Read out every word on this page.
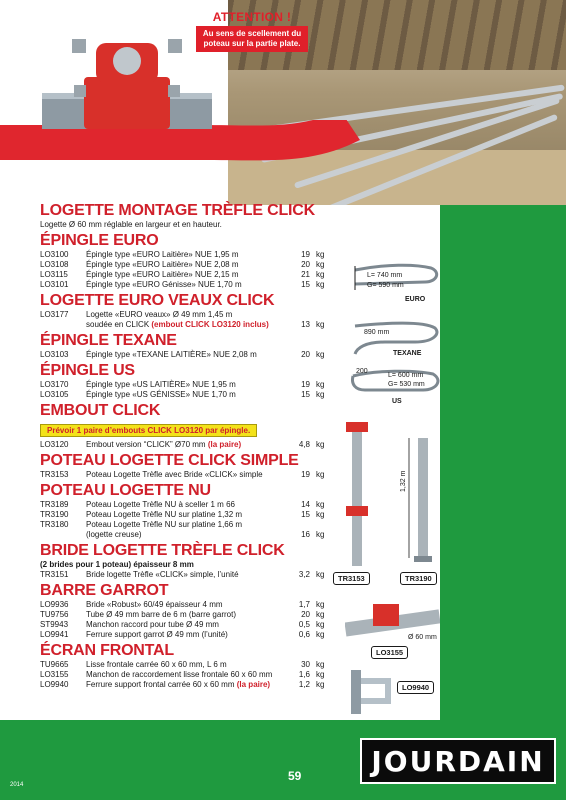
ATTENTION !
Au sens de scellement du poteau sur la partie plate.
LOGETTE MONTAGE TRÈFLE CLICK
Logette Ø 60 mm réglable en largeur et en hauteur.
ÉPINGLE EURO
LO3100	Épingle type «EURO Laitière» NUE 1,95 m	19 kg
LO3108	Épingle type «EURO Laitière» NUE 2,08 m	20 kg
LO3115	Épingle type «EURO Laitière» NUE 2,15 m	21 kg
LO3101	Épingle type «EURO Génisse» NUE 1,70 m	15 kg
LOGETTE EURO VEAUX CLICK
LO3177	Logette «EURO veaux» Ø 49 mm 1,45 m
soudée en CLICK (embout CLICK LO3120 inclus)	13 kg
ÉPINGLE TEXANE
LO3103	Épingle type «TEXANE LAITIÈRE» NUE 2,08 m	20 kg
ÉPINGLE US
LO3170	Épingle type «US LAITIÈRE» NUE 1,95 m	19 kg
LO3105	Épingle type «US GÉNISSE» NUE 1,70 m	15 kg
EMBOUT CLICK
Prévoir 1 paire d’embouts CLICK LO3120 par épingle.
LO3120	Embout version “CLICK” Ø70 mm (la paire)	4,8 kg
POTEAU LOGETTE CLICK SIMPLE
TR3153	Poteau Logette Trèfle avec Bride «CLICK» simple	19 kg
POTEAU LOGETTE NU
TR3189	Poteau Logette Trèfle NU à sceller 1 m 66	14 kg
TR3190	Poteau Logette Trèfle NU sur platine 1,32 m	15 kg
TR3180	Poteau Logette Trèfle NU sur platine 1,66 m
(logette creuse)	16 kg
BRIDE LOGETTE TRÈFLE CLICK
(2 brides pour 1 poteau) épaisseur 8 mm
TR3151	Bride logette Trèfle «CLICK» simple, l’unité	3,2 kg
BARRE GARROT
LO9936	Bride «Robust» 60/49 épaisseur 4 mm	1,7 kg
TU9756	Tube Ø 49 mm barre de 6 m (barre garrot)	20 kg
ST9943	Manchon raccord pour tube Ø 49 mm	0,5 kg
LO9941	Ferrure support garrot Ø 49 mm (l’unité)	0,6 kg
ÉCRAN FRONTAL
TU9665	Lisse frontale carrée 60 x 60 mm, L 6 m	30 kg
LO3155	Manchon de raccordement lisse frontale 60 x 60 mm	1,6 kg
LO9940	Ferrure support frontal carrée 60 x 60 mm (la paire)	1,2 kg
L= 740 mm
G= 590 mm
EURO
890 mm
TEXANE
200
L= 600 mm
G= 530 mm
US
1,32 m
TR3153	TR3190
Ø 60 mm
LO3155
LO9940
Ø 60 mm
JOURDAIN
59
2014
